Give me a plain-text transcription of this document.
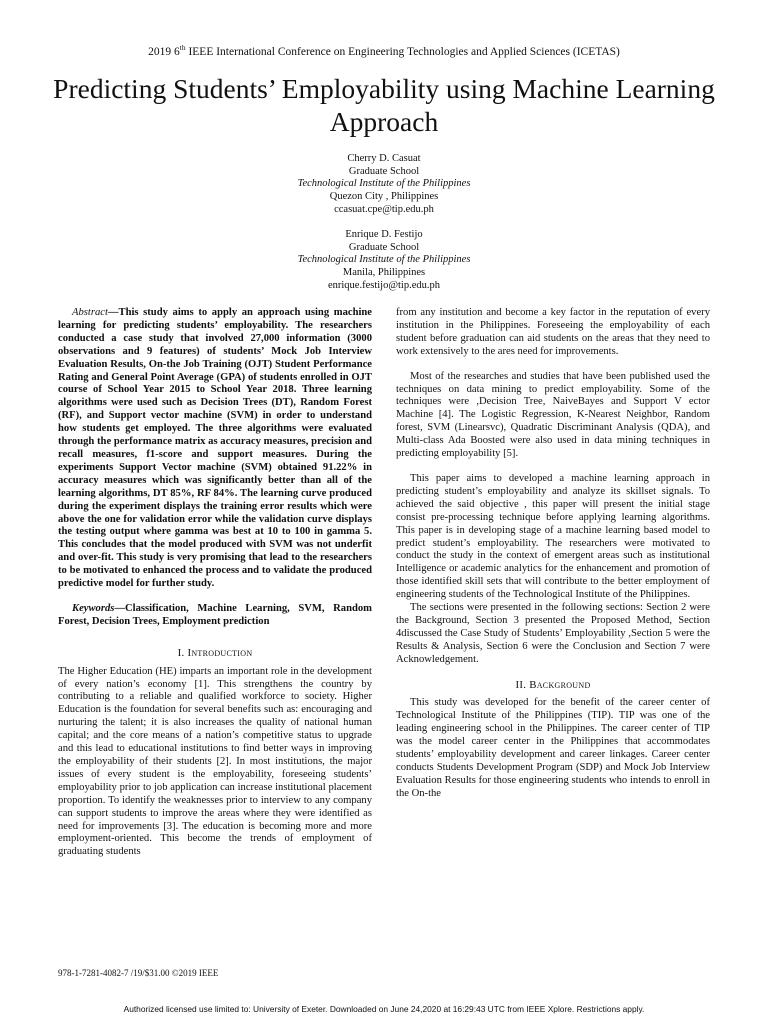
2019 6th IEEE International Conference on Engineering Technologies and Applied Sciences (ICETAS)
Predicting Students’ Employability using Machine Learning Approach
Cherry D. Casuat
Graduate School
Technological Institute of the Philippines
Quezon City , Philippines
ccasuat.cpe@tip.edu.ph
Enrique D. Festijo
Graduate School
Technological Institute of the Philippines
Manila, Philippines
enrique.festijo@tip.edu.ph

Abstract—This study aims to apply an approach using machine learning for predicting students’ employability. The researchers conducted a case study that involved 27,000 information (3000 observations and 9 features) of students’ Mock Job Interview Evaluation Results, On-the Job Training (OJT) Student Performance Rating and General Point Average (GPA) of students enrolled in OJT course of School Year 2015 to School Year 2018. Three learning algorithms were used such as Decision Trees (DT), Random Forest (RF), and Support vector machine (SVM) in order to understand how students get employed. The three algorithms were evaluated through the performance matrix as accuracy measures, precision and recall measures, f1-score and support measures. During the experiments Support Vector machine (SVM) obtained 91.22% in accuracy measures which was significantly better than all of the learning algorithms, DT 85%, RF 84%. The learning curve produced during the experiment displays the training error results which were above the one for validation error while the validation curve displays the testing output where gamma was best at 10 to 100 in gamma 5. This concludes that the model produced with SVM was not underfit and over-fit. This study is very promising that lead to the researchers to be motivated to enhanced the process and to validate the produced predictive model for further study.

Keywords—Classification, Machine Learning, SVM, Random Forest, Decision Trees, Employment prediction

I. Introduction

The Higher Education (HE) imparts an important role in the development of every nation’s economy [1]. This strengthens the country by contributing to a reliable and qualified workforce to society. Higher Education is the foundation for several benefits such as: encouraging and nurturing the talent; it is also increases the quality of national human capital; and the core means of a nation’s competitive status to upgrade and this lead to educational institutions to find better ways in improving the employability of their students [2]. In most institutions, the major issues of every student is the employability, foreseeing students’ employability prior to job application can increase institutional placement proportion. To identify the weaknesses prior to interview to any company can support students to improve the areas where they were identified as need for improvements [3]. The education is becoming more and more employment-oriented. This become the trends of employment of graduating students

from any institution and become a key factor in the reputation of every institution in the Philippines. Foreseeing the employability of each student before graduation can aid students on the areas that they need to work extensively to the ares need for improvements.

Most of the researches and studies that have been published used the techniques on data mining to predict employability. Some of the techniques were ,Decision Tree, NaiveBayes and Support V ector Machine [4]. The Logistic Regression, K-Nearest Neighbor, Random forest, SVM (Linearsvc), Quadratic Discriminant Analysis (QDA), and Multi-class Ada Boosted were also used in data mining techniques in predicting employability [5].

This paper aims to developed a machine learning approach in predicting student’s employability and analyze its skillset signals. To achieved the said objective , this paper will present the initial stage consist pre-processing technique before applying learning algorithms. This paper is in developing stage of a machine learning based model to predict student’s employability. The researchers were motivated to conduct the study in the context of emergent areas such as institutional Intelligence or academic analytics for the enhancement and promotion of those identified skill sets that will contribute to the better employment of engineering students of the Technological Institute of the Philippines.

The sections were presented in the following sections: Section 2 were the Background, Section 3 presented the Proposed Method, Section 4discussed the Case Study of Students’ Employability ,Section 5 were the Results & Analysis, Section 6 were the Conclusion and Section 7 were Acknowledgement.

II. Background

This study was developed for the benefit of the career center of Technological Institute of the Philippines (TIP). TIP was one of the leading engineering school in the Philippines. The career center of TIP was the model career center in the Philippines that accommodates students’ employability development and career linkages. Career center conducts Students Development Program (SDP) and Mock Job Interview Evaluation Results for those engineering students who intends to enroll in the On-the

978-1-7281-4082-7 /19/$31.00 ©2019 IEEE
Authorized licensed use limited to: University of Exeter. Downloaded on June 24,2020 at 16:29:43 UTC from IEEE Xplore. Restrictions apply.
